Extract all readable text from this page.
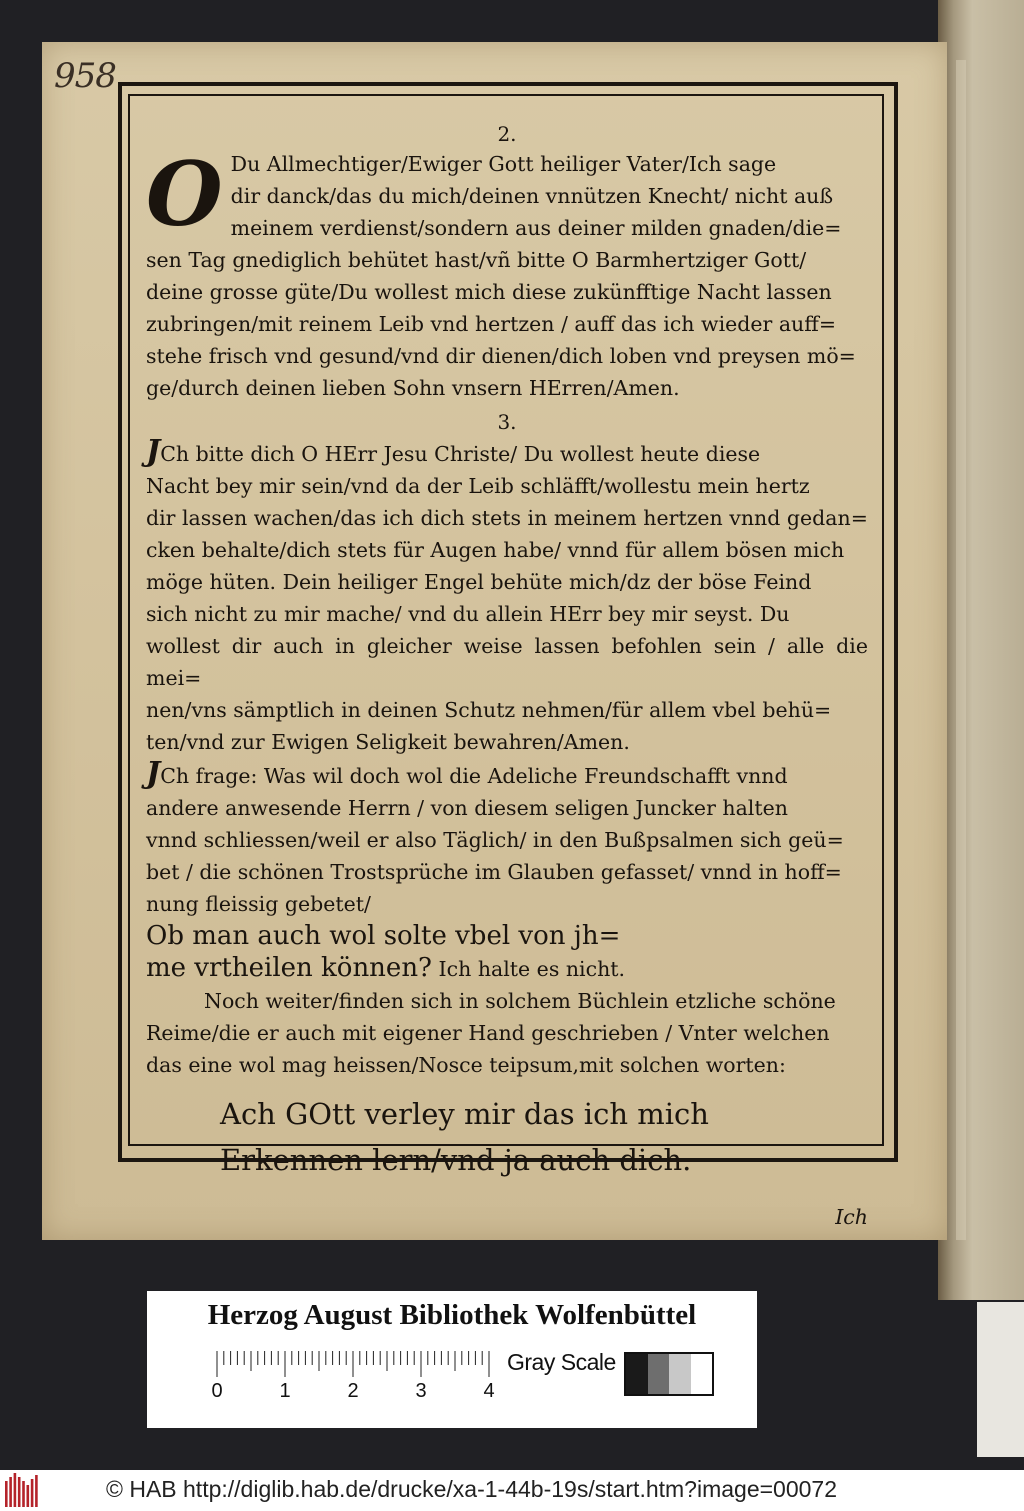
958

2.

O Du Allmechtiger/Ewiger Gott heiliger Vater/Ich sage
dir danck/das du mich/deinen vnnützen Knecht/ nicht auß
meinem verdienst/sondern aus deiner milden gnaden/die=
sen Tag gnediglich behütet hast/vñ bitte O Barmhertziger Gott/
deine grosse güte/Du wollest mich diese zukünfftige Nacht lassen
zubringen/mit reinem Leib vnd hertzen / auff das ich wieder auff=
stehe frisch vnd gesund/vnd dir dienen/dich loben vnd preysen mö=
ge/durch deinen lieben Sohn vnsern HErren/Amen.

3.

JCh bitte dich O HErr Jesu Christe/ Du wollest heute diese
Nacht bey mir sein/vnd da der Leib schläfft/wollestu mein hertz
dir lassen wachen/das ich dich stets in meinem hertzen vnnd gedan=
cken behalte/dich stets für Augen habe/ vnnd für allem bösen mich
möge hüten. Dein heiliger Engel behüte mich/dz der böse Feind
sich nicht zu mir mache/ vnd du allein HErr bey mir seyst. Du
wollest dir auch in gleicher weise lassen befohlen sein / alle die mei=
nen/vns sämptlich in deinen Schutz nehmen/für allem vbel behü=
ten/vnd zur Ewigen Seligkeit bewahren/Amen.
JCh frage: Was wil doch wol die Adeliche Freundschafft vnnd
andere anwesende Herrn / von diesem seligen Juncker halten
vnnd schliessen/weil er also Täglich/ in den Bußpsalmen sich geü=
bet / die schönen Trostsprüche im Glauben gefasset/ vnnd in hoff=
nung fleissig gebetet/
Ob man auch wol solte vbel von jh=
me vrtheilen können? Ich halte es nicht.
Noch weiter/finden sich in solchem Büchlein etzliche schöne
Reime/die er auch mit eigener Hand geschrieben / Vnter welchen
das eine wol mag heissen/Nosce teipsum,mit solchen worten:
Ach GOtt verley mir das ich mich
Erkennen lern/vnd ja auch dich.

Ich

Herzog August Bibliothek Wolfenbüttel
0	1	2	3	4
Gray Scale
© HAB http://diglib.hab.de/drucke/xa-1-44b-19s/start.htm?image=00072
